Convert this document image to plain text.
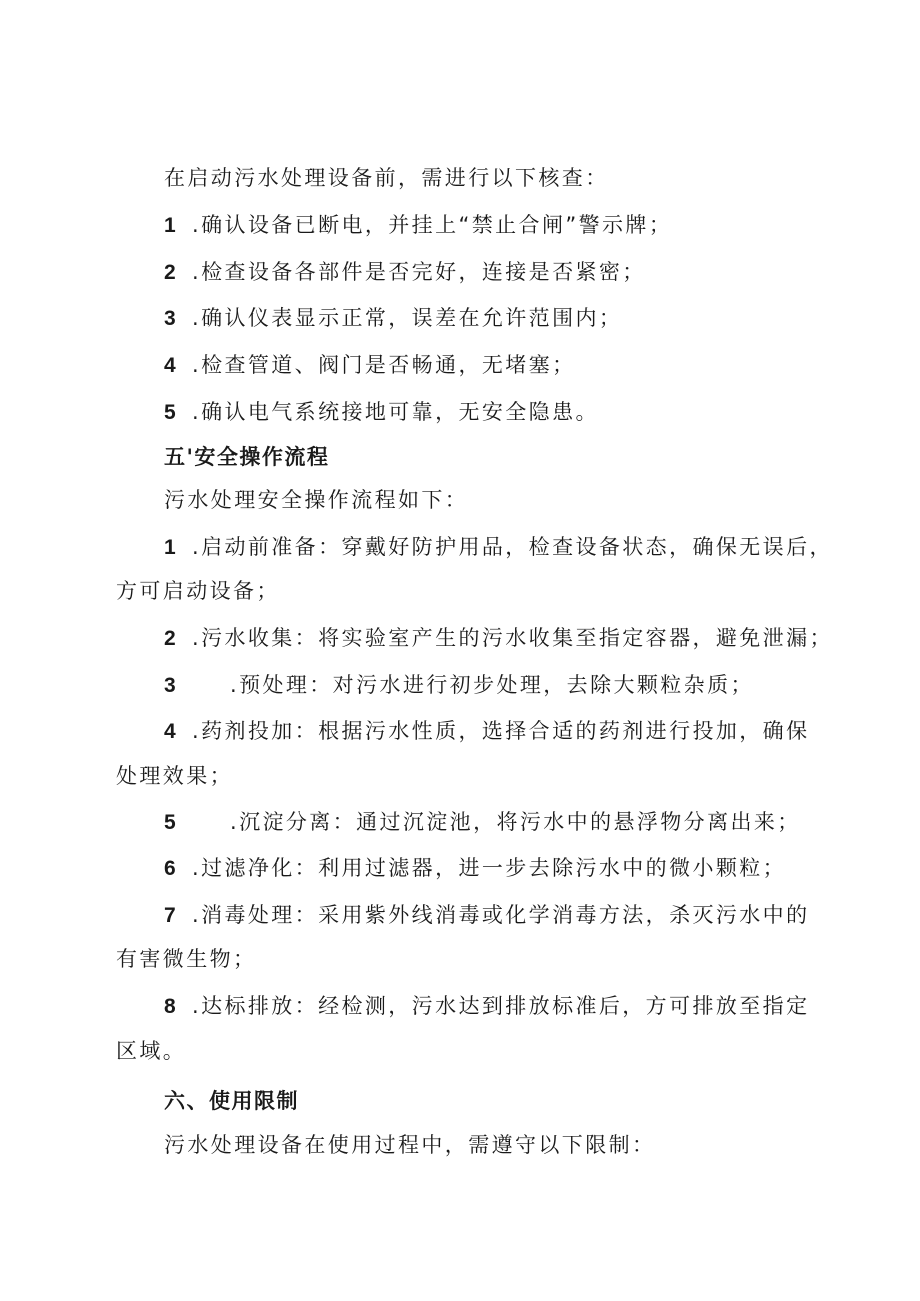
在启动污水处理设备前，需进行以下核查：
1 .确认设备已断电，并挂上“禁止合闸”警示牌；
2 .检查设备各部件是否完好，连接是否紧密；
3 .确认仪表显示正常，误差在允许范围内；
4 .检查管道、阀门是否畅通，无堵塞；
5 .确认电气系统接地可靠，无安全隐患。
五'安全操作流程
污水处理安全操作流程如下：
1 .启动前准备：穿戴好防护用品，检查设备状态，确保无误后，
方可启动设备；
2 .污水收集：将实验室产生的污水收集至指定容器，避免泄漏；
3	.预处理：对污水进行初步处理，去除大颗粒杂质；
4 .药剂投加：根据污水性质，选择合适的药剂进行投加，确保
处理效果；
5	.沉淀分离：通过沉淀池，将污水中的悬浮物分离出来；
6 .过滤净化：利用过滤器，进一步去除污水中的微小颗粒；
7 .消毒处理：采用紫外线消毒或化学消毒方法，杀灭污水中的
有害微生物；
8 .达标排放：经检测，污水达到排放标准后，方可排放至指定
区域。
六、使用限制
污水处理设备在使用过程中，需遵守以下限制：
